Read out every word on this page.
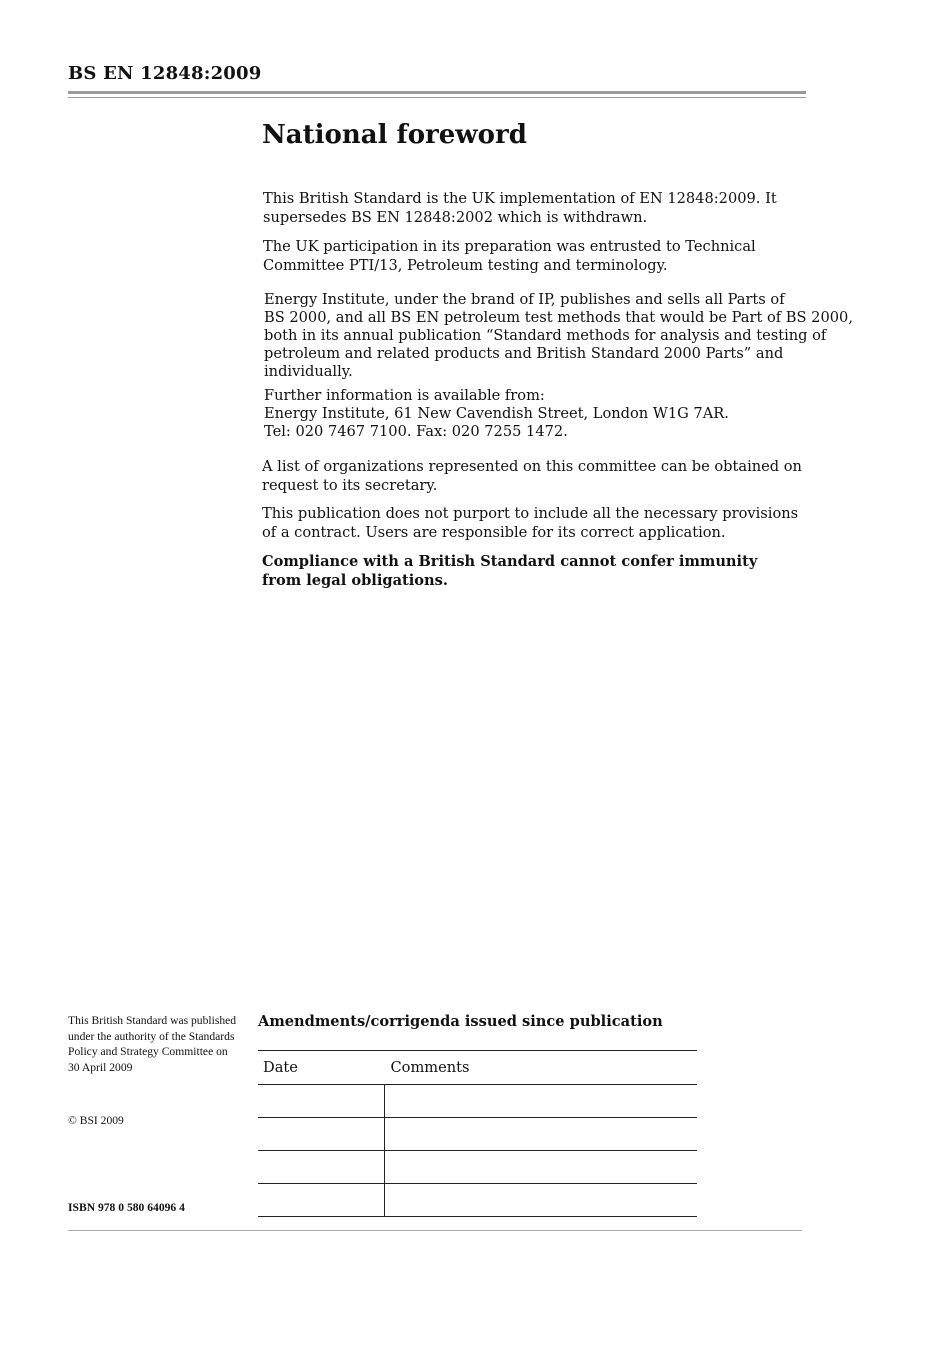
BS EN 12848:2009
National foreword

This British Standard is the UK implementation of EN 12848:2009. It supersedes BS EN 12848:2002 which is withdrawn.

The UK participation in its preparation was entrusted to Technical Committee PTI/13, Petroleum testing and terminology.

Energy Institute, under the brand of IP, publishes and sells all Parts of
BS 2000, and all BS EN petroleum test methods that would be Part of BS 2000,
both in its annual publication “Standard methods for analysis and testing of
petroleum and related products and British Standard 2000 Parts” and
individually.
Further information is available from:
Energy Institute, 61 New Cavendish Street, London W1G 7AR.
Tel: 020 7467 7100. Fax: 020 7255 1472.

A list of organizations represented on this committee can be obtained on request to its secretary.

This publication does not purport to include all the necessary provisions of a contract. Users are responsible for its correct application.

Compliance with a British Standard cannot confer immunity from legal obligations.

This British Standard was published under the authority of the Standards Policy and Strategy Committee on 30 April 2009

© BSI 2009

ISBN 978 0 580 64096 4
Amendments/corrigenda issued since publication
Date	Comments
